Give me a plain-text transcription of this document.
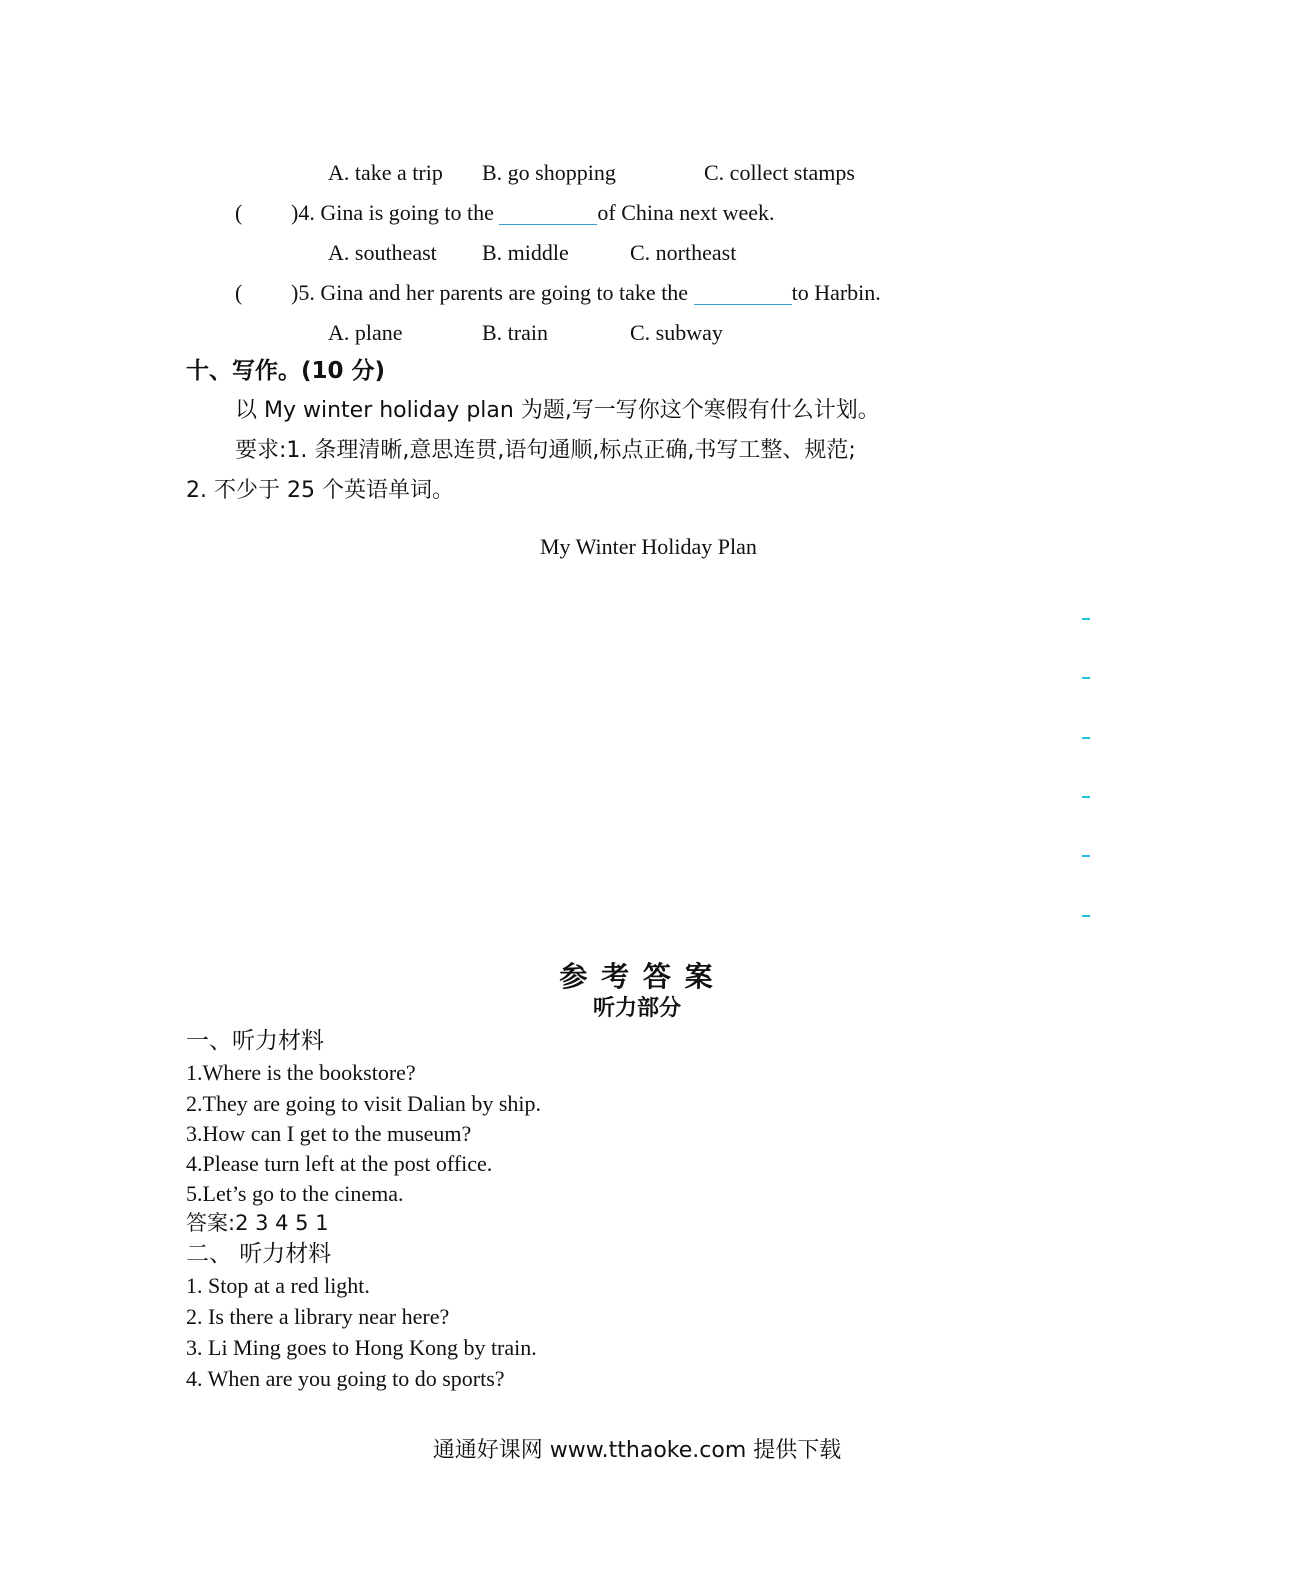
A. take a trip B. go shopping	C. collect stamps
( )4. Gina is going to the	of China next week.
A. southeast B. middle	C. northeast
( )5. Gina and her parents are going to take the	to Harbin.
A. plane	B. train	C. subway
十、写作。(10 分)
以 My winter holiday plan 为题,写一写你这个寒假有什么计划。
要求:1. 条理清晰,意思连贯,语句通顺,标点正确,书写工整、规范;
2. 不少于 25 个英语单词。
My Winter Holiday Plan
参 考 答 案
听力部分
一、听力材料
1.Where is the bookstore?
2.They are going to visit Dalian by ship.
3.How can I get to the museum?
4.Please turn left at the post office.
5.Let’s go to the cinema.
答案:2 3 4 5 1
二、 听力材料
1. Stop at a red light.
2. Is there a library near here?
3. Li Ming goes to Hong Kong by train.
4. When are you going to do sports?
通通好课网 www.tthaoke.com 提供下载
